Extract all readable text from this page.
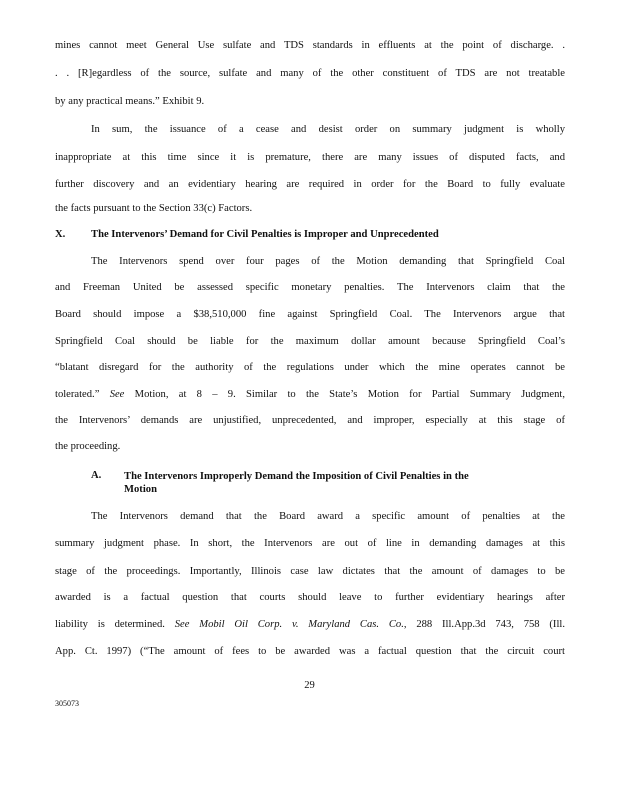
mines cannot meet General Use sulfate and TDS standards in effluents at the point of discharge. .
. . [R]egardless of the source, sulfate and many of the other constituent of TDS are not treatable
by any practical means.” Exhibit 9.
In sum, the issuance of a cease and desist order on summary judgment is wholly
inappropriate at this time since it is premature, there are many issues of disputed facts, and
further discovery and an evidentiary hearing are required in order for the Board to fully evaluate
the facts pursuant to the Section 33(c) Factors.
X. The Intervenors’ Demand for Civil Penalties is Improper and Unprecedented
The Intervenors spend over four pages of the Motion demanding that Springfield Coal
and Freeman United be assessed specific monetary penalties. The Intervenors claim that the
Board should impose a $38,510,000 fine against Springfield Coal. The Intervenors argue that
Springfield Coal should be liable for the maximum dollar amount because Springfield Coal’s
“blatant disregard for the authority of the regulations under which the mine operates cannot be
tolerated.” See Motion, at 8 – 9. Similar to the State’s Motion for Partial Summary Judgment,
the Intervenors’ demands are unjustified, unprecedented, and improper, especially at this stage of
the proceeding.
A. The Intervenors Improperly Demand the Imposition of Civil Penalties in the Motion
The Intervenors demand that the Board award a specific amount of penalties at the
summary judgment phase. In short, the Intervenors are out of line in demanding damages at this
stage of the proceedings. Importantly, Illinois case law dictates that the amount of damages to be
awarded is a factual question that courts should leave to further evidentiary hearings after
liability is determined. See Mobil Oil Corp. v. Maryland Cas. Co., 288 Ill.App.3d 743, 758 (Ill.
App. Ct. 1997) (“The amount of fees to be awarded was a factual question that the circuit court
29
305073
